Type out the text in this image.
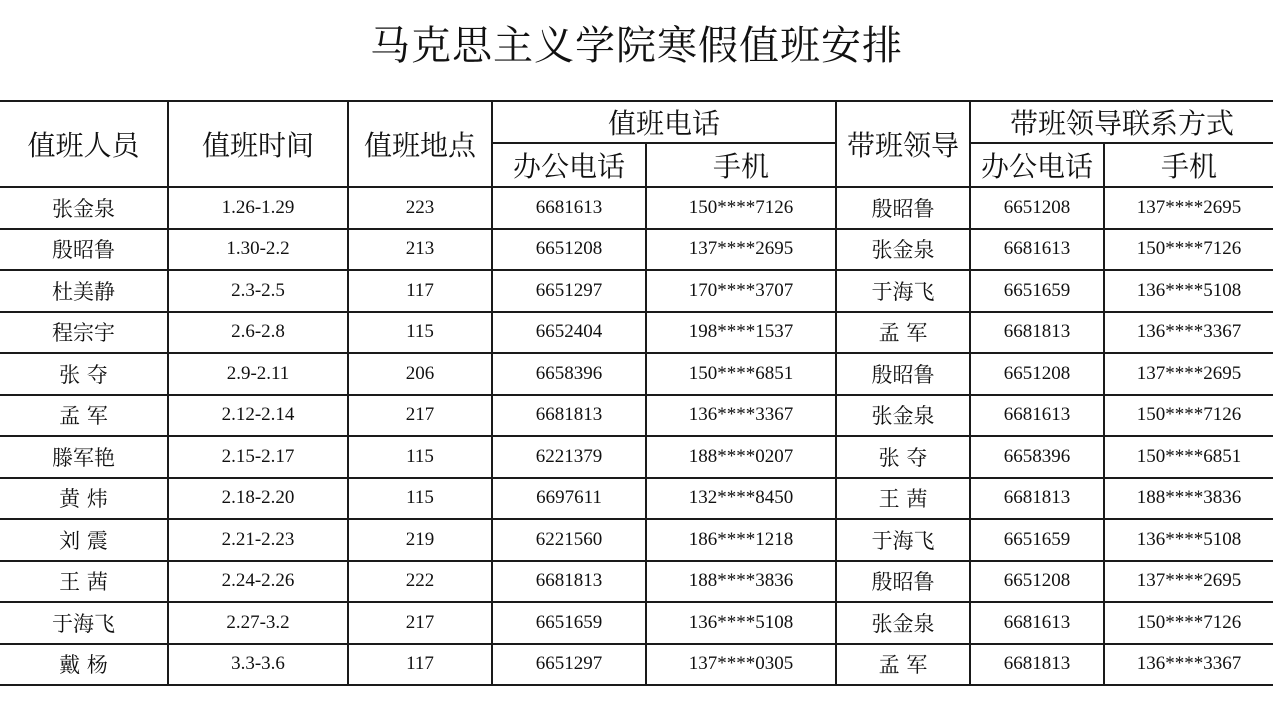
马克思主义学院寒假值班安排
值班人员	值班时间	值班地点	值班电话		带班领导	带班领导联系方式	
			办公电话	手机		办公电话	手机
张金泉	1.26-1.29	223	6681613	150****7126	殷昭鲁	6651208	137****2695
殷昭鲁	1.30-2.2	213	6651208	137****2695	张金泉	6681613	150****7126
杜美静	2.3-2.5	117	6651297	170****3707	于海飞	6651659	136****5108
程宗宇	2.6-2.8	115	6652404	198****1537	孟 军	6681813	136****3367
张 夺	2.9-2.11	206	6658396	150****6851	殷昭鲁	6651208	137****2695
孟 军	2.12-2.14	217	6681813	136****3367	张金泉	6681613	150****7126
滕军艳	2.15-2.17	115	6221379	188****0207	张 夺	6658396	150****6851
黄 炜	2.18-2.20	115	6697611	132****8450	王 茜	6681813	188****3836
刘 震	2.21-2.23	219	6221560	186****1218	于海飞	6651659	136****5108
王 茜	2.24-2.26	222	6681813	188****3836	殷昭鲁	6651208	137****2695
于海飞	2.27-3.2	217	6651659	136****5108	张金泉	6681613	150****7126
戴 杨	3.3-3.6	117	6651297	137****0305	孟 军	6681813	136****3367
